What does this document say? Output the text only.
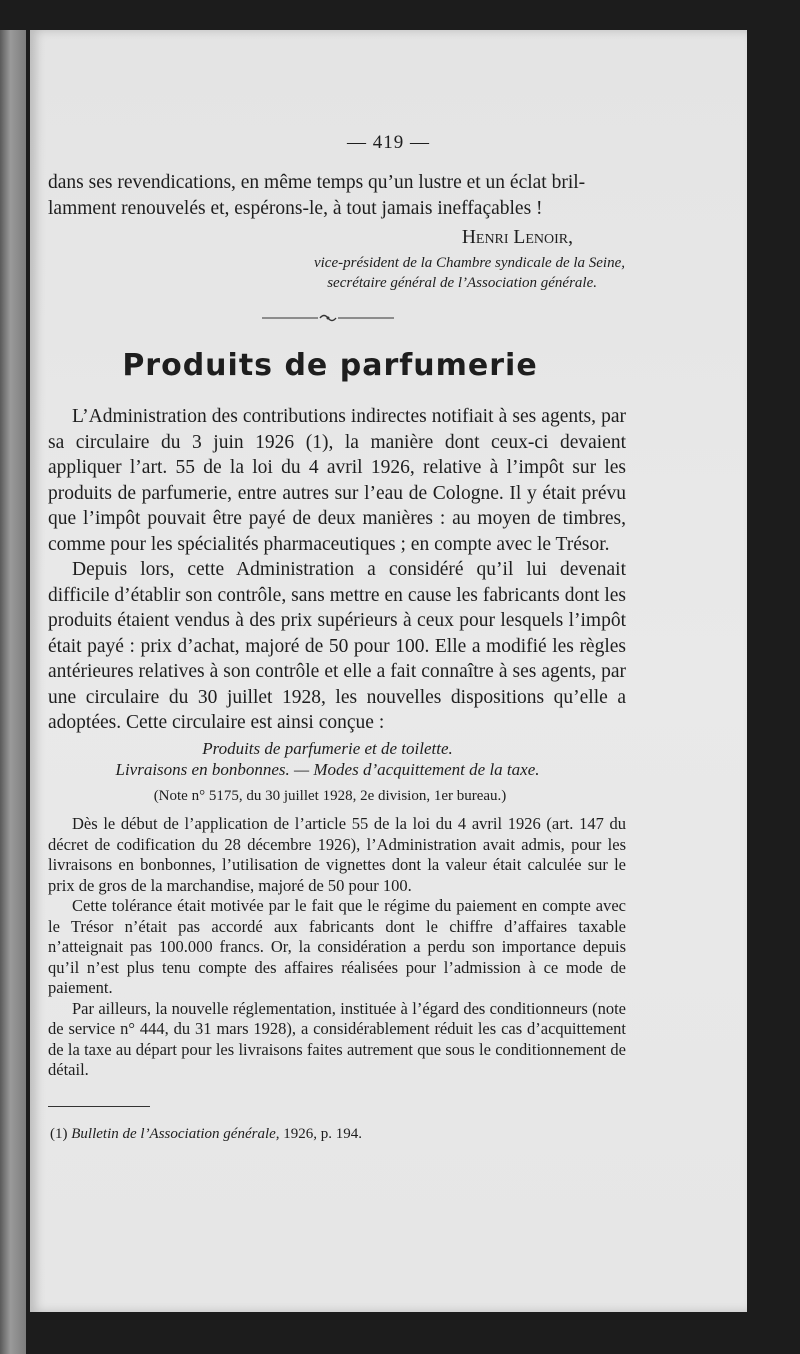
— 419 —

dans ses revendications, en même temps qu’un lustre et un éclat bril-

lamment renouvelés et, espérons-le, à tout jamais ineffaçables !

Henri Lenoir,
vice-président de la Chambre syndicale de la Seine,
secrétaire général de l’Association générale.
Produits de parfumerie

L’Administration des contributions indirectes notifiait à ses agents, par sa circulaire du 3 juin 1926 (1), la manière dont ceux-ci devaient appliquer l’art. 55 de la loi du 4 avril 1926, relative à l’impôt sur les produits de parfumerie, entre autres sur l’eau de Cologne. Il y était prévu que l’impôt pouvait être payé de deux manières : au moyen de timbres, comme pour les spécialités pharmaceutiques ; en compte avec le Trésor.

Depuis lors, cette Administration a considéré qu’il lui devenait difficile d’établir son contrôle, sans mettre en cause les fabricants dont les produits étaient vendus à des prix supérieurs à ceux pour lesquels l’impôt était payé : prix d’achat, majoré de 50 pour 100. Elle a modifié les règles antérieures relatives à son contrôle et elle a fait connaître à ses agents, par une circulaire du 30 juillet 1928, les nouvelles dispositions qu’elle a adoptées. Cette circulaire est ainsi conçue :

Produits de parfumerie et de toilette.
Livraisons en bonbonnes. — Modes d’acquittement de la taxe.
(Note n° 5175, du 30 juillet 1928, 2e division, 1er bureau.)

Dès le début de l’application de l’article 55 de la loi du 4 avril 1926 (art. 147 du décret de codification du 28 décembre 1926), l’Administration avait admis, pour les livraisons en bonbonnes, l’utilisation de vignettes dont la valeur était calculée sur le prix de gros de la marchandise, majoré de 50 pour 100.

Cette tolérance était motivée par le fait que le régime du paiement en compte avec le Trésor n’était pas accordé aux fabricants dont le chiffre d’affaires taxable n’atteignait pas 100.000 francs. Or, la considération a perdu son importance depuis qu’il n’est plus tenu compte des affaires réalisées pour l’admission à ce mode de paiement.

Par ailleurs, la nouvelle réglementation, instituée à l’égard des conditionneurs (note de service n° 444, du 31 mars 1928), a considérablement réduit les cas d’acquittement de la taxe au départ pour les livraisons faites autrement que sous le conditionnement de détail.

(1) Bulletin de l’Association générale, 1926, p. 194.
